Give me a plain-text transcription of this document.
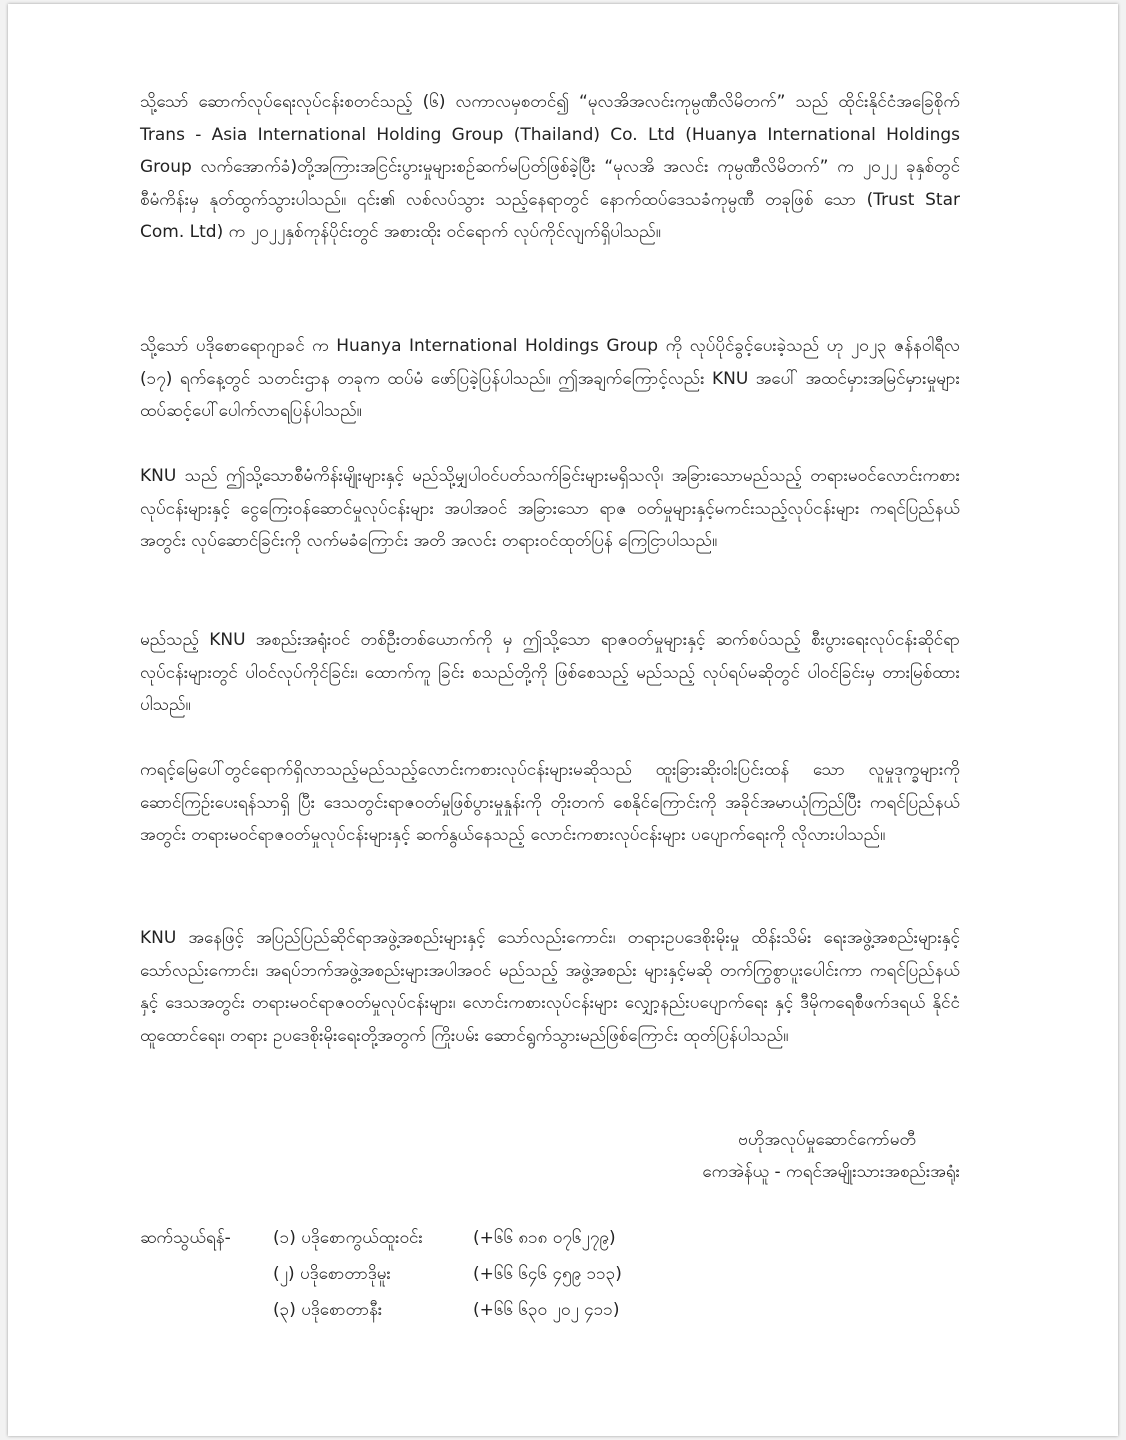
သို့သော် ဆောက်လုပ်ရေးလုပ်ငန်းစတင်သည့် (၆) လကာလမှစတင်၍ “မုလအိအလင်းကုမ္ပဏီလိမိတက်” သည် ထိုင်းနိုင်ငံအခြေစိုက် Trans - Asia International Holding Group (Thailand) Co. Ltd (Huanya International Holdings Group လက်အောက်ခံ)တို့အကြားအငြင်းပွားမှုများစဥ်ဆက်မပြတ်ဖြစ်ခဲ့ပြီး “မုလအိ အလင်း ကုမ္ပဏီလိမိတက်” က ၂၀၂၂ ခုနှစ်တွင် စီမံကိန်းမှ နုတ်ထွက်သွားပါသည်။ ၎င်း၏ လစ်လပ်သွား သည့်နေရာတွင် နောက်ထပ်ဒေသခံကုမ္ပဏီ တခုဖြစ် သော (Trust Star Com. Ltd) က ၂၀၂၂နှစ်ကုန်ပိုင်းတွင် အစားထိုး ဝင်ရောက် လုပ်ကိုင်လျက်ရှိပါသည်။

သို့သော် ပဒိုစောရောဂျာခင် က Huanya International Holdings Group ကို လုပ်ပိုင်ခွင့်ပေးခဲ့သည် ဟု ၂၀၂၃ ဇန်နဝါရီလ (၁၇) ရက်နေ့တွင် သတင်းဌာန တခုက ထပ်မံ ဖော်ပြခဲ့ပြန်ပါသည်။ ဤအချက်ကြောင့်လည်း KNU အပေါ် အထင်မှားအမြင်မှားမှုများ ထပ်ဆင့်ပေါ်ပေါက်လာရပြန်ပါသည်။

KNU သည် ဤသို့သောစီမံကိန်းမျိုးများနှင့် မည်သို့မျှပါဝင်ပတ်သက်ခြင်းများမရှိသလို၊ အခြားသောမည်သည့် တရားမဝင်လောင်းကစားလုပ်ငန်းများနှင့် ငွေကြေးဝန်ဆောင်မှုလုပ်ငန်းများ အပါအဝင် အခြားသော ရာဇ ဝတ်မှုများနှင့်မကင်းသည့်လုပ်ငန်းများ ကရင်ပြည်နယ်အတွင်း လုပ်ဆောင်ခြင်းကို လက်မခံကြောင်း အတိ အလင်း တရားဝင်ထုတ်ပြန် ကြေငြာပါသည်။

မည်သည့် KNU အစည်းအရုံးဝင် တစ်ဦးတစ်ယောက်ကို မှ ဤသို့သော ရာဇဝတ်မှုများနှင့် ဆက်စပ်သည့် စီးပွားရေးလုပ်ငန်းဆိုင်ရာလုပ်ငန်းများတွင် ပါဝင်လုပ်ကိုင်ခြင်း၊ ထောက်ကူ ခြင်း စသည်တို့ကို ဖြစ်စေသည့် မည်သည့် လုပ်ရပ်မဆိုတွင် ပါဝင်ခြင်းမှ တားမြစ်ထားပါသည်။

ကရင့်မြေပေါ်တွင်ရောက်ရှိလာသည့်မည်သည့်လောင်းကစားလုပ်ငန်းများမဆိုသည် ထူးခြားဆိုးဝါးပြင်းထန် သော လူမှုဒုက္ခများကို ဆောင်ကြဉ်းပေးရန်သာရှိ ပြီး ဒေသတွင်းရာဇဝတ်မှုဖြစ်ပွားမှုနှုန်းကို တိုးတက် စေနိုင်ကြောင်းကို အခိုင်အမာယုံကြည်ပြီး ကရင်ပြည်နယ်အတွင်း တရားမဝင်ရာဇဝတ်မှုလုပ်ငန်းများနှင့် ဆက်နွယ်နေသည့် လောင်းကစားလုပ်ငန်းများ ပပျောက်ရေးကို လိုလားပါသည်။

KNU အနေဖြင့် အပြည်ပြည်ဆိုင်ရာအဖွဲ့အစည်းများနှင့် သော်လည်းကောင်း၊ တရားဥပဒေစိုးမိုးမှု ထိန်းသိမ်း ရေးအဖွဲ့အစည်းများနှင့် သော်လည်းကောင်း၊ အရပ်ဘက်အဖွဲ့အစည်းများအပါအဝင် မည်သည့် အဖွဲ့အစည်း များနှင့်မဆို တက်ကြွစွာပူးပေါင်းကာ ကရင်ပြည်နယ်နှင့် ဒေသအတွင်း တရားမဝင်ရာဇဝတ်မှုလုပ်ငန်းများ၊ လောင်းကစားလုပ်ငန်းများ လျှော့နည်းပပျောက်ရေး နှင့် ဒီမိုကရေစီဖက်ဒရယ် နိုင်ငံထူထောင်ရေး၊ တရား ဥပဒေစိုးမိုးရေးတို့အတွက် ကြိုးပမ်း ဆောင်ရွက်သွားမည်ဖြစ်ကြောင်း ထုတ်ပြန်ပါသည်။

ဗဟိုအလုပ်မှုဆောင်ကော်မတီ
ကေအဲန်ယူ - ကရင်အမျိုးသားအစည်းအရုံး
ဆက်သွယ်ရန်- (၁) ပဒိုစောကွယ်ထူးဝင်း	(+၆၆ ၈၁၈ ၀၇၆၂၇၉)
(၂) ပဒိုစောတာဒိုမူး	(+၆၆ ၆၄၆ ၄၅၉ ၁၁၃)
(၃) ပဒိုစောတာနီး	(+၆၆ ၆၃၀ ၂၀၂ ၄၁၁)
